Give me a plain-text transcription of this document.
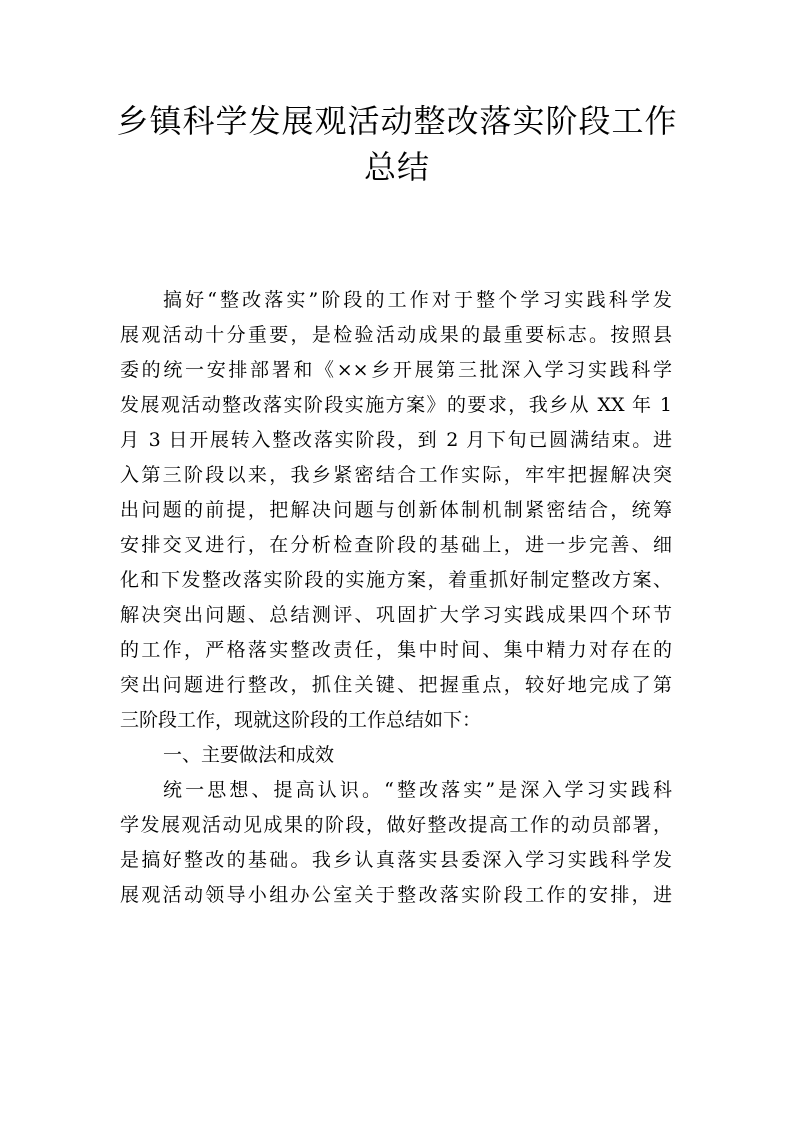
乡镇科学发展观活动整改落实阶段工作
总结
搞好“整改落实”阶段的工作对于整个学习实践科学发
展观活动十分重要，是检验活动成果的最重要标志。按照县
委的统一安排部署和《××乡开展第三批深入学习实践科学
发展观活动整改落实阶段实施方案》的要求，我乡从 XX 年 1
月 3 日开展转入整改落实阶段，到 2 月下旬已圆满结束。进
入第三阶段以来，我乡紧密结合工作实际，牢牢把握解决突
出问题的前提，把解决问题与创新体制机制紧密结合，统筹
安排交叉进行，在分析检查阶段的基础上，进一步完善、细
化和下发整改落实阶段的实施方案，着重抓好制定整改方案、
解决突出问题、总结测评、巩固扩大学习实践成果四个环节
的工作，严格落实整改责任，集中时间、集中精力对存在的
突出问题进行整改，抓住关键、把握重点，较好地完成了第
三阶段工作，现就这阶段的工作总结如下：
一、主要做法和成效
统一思想、提高认识。“整改落实”是深入学习实践科
学发展观活动见成果的阶段，做好整改提高工作的动员部署，
是搞好整改的基础。我乡认真落实县委深入学习实践科学发
展观活动领导小组办公室关于整改落实阶段工作的安排，进
